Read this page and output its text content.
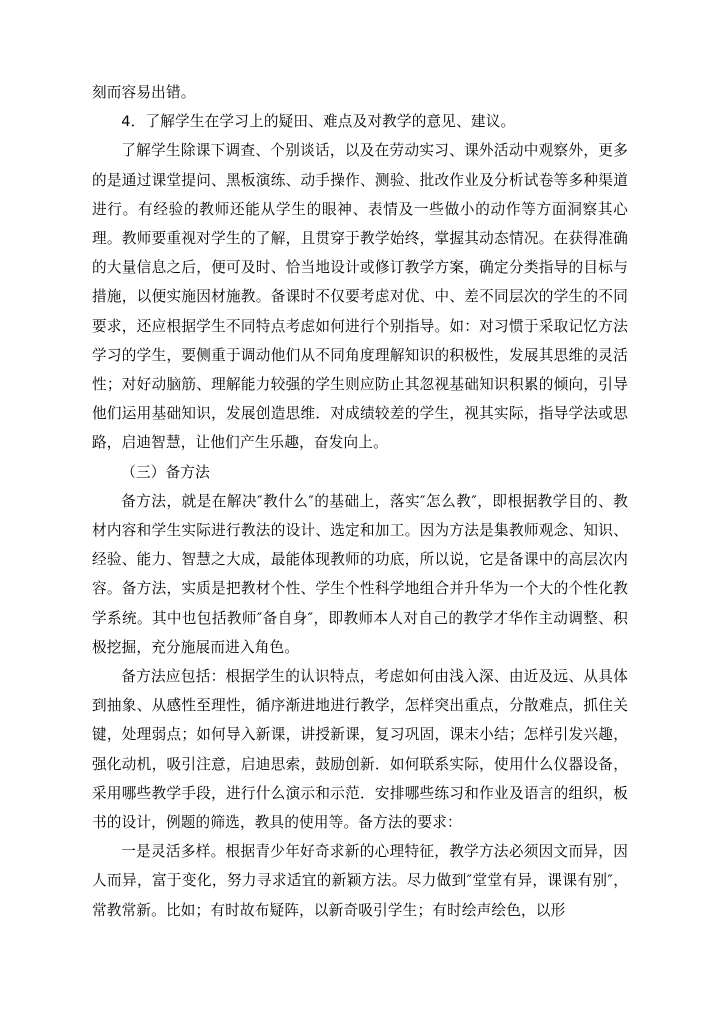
刻而容易出错。

4．了解学生在学习上的疑田、难点及对教学的意见、建议。

了解学生除课下调查、个别谈话，以及在劳动实习、课外活动中观察外，更多的是通过课堂提问、黑板演练、动手操作、测验、批改作业及分析试卷等多种渠道进行。有经验的教师还能从学生的眼神、表情及一些做小的动作等方面洞察其心理。教师要重视对学生的了解，且贯穿于教学始终，掌握其动态情况。在获得准确的大量信息之后，便可及时、恰当地设计或修订教学方案，确定分类指导的目标与措施，以便实施因材施教。备课时不仅要考虑对优、中、差不同层次的学生的不同要求，还应根据学生不同特点考虑如何进行个别指导。如：对习惯于采取记忆方法学习的学生，要侧重于调动他们从不同角度理解知识的积极性，发展其思维的灵活性；对好动脑筋、理解能力较强的学生则应防止其忽视基础知识积累的倾向，引导他们运用基础知识，发展创造思维．对成绩较差的学生，视其实际，指导学法或思路，启迪智慧，让他们产生乐趣，奋发向上。

（三）备方法

备方法，就是在解决″教什么″的基础上，落实″怎么教″，即根据教学目的、教材内容和学生实际进行教法的设计、选定和加工。因为方法是集教师观念、知识、经验、能力、智慧之大成，最能体现教师的功底，所以说，它是备课中的高层次内容。备方法，实质是把教材个性、学生个性科学地组合并升华为一个大的个性化教学系统。其中也包括教师″备自身″，即教师本人对自己的教学才华作主动调整、积极挖掘，充分施展而进入角色。

备方法应包括：根据学生的认识特点，考虑如何由浅入深、由近及远、从具体到抽象、从感性至理性，循序渐进地进行教学，怎样突出重点，分散难点，抓住关键，处理弱点；如何导入新课，讲授新课，复习巩固，课末小结；怎样引发兴趣，强化动机，吸引注意，启迪思索，鼓励创新．如何联系实际，使用什么仪器设备，采用哪些教学手段，进行什么演示和示范．安排哪些练习和作业及语言的组织，板书的设计，例题的筛选，教具的使用等。备方法的要求：

一是灵活多样。根据青少年好奇求新的心理特征，教学方法必须因文而异，因人而异，富于变化，努力寻求适宜的新颖方法。尽力做到″堂堂有异，课课有别″，常教常新。比如；有时故布疑阵，以新奇吸引学生；有时绘声绘色，以形
